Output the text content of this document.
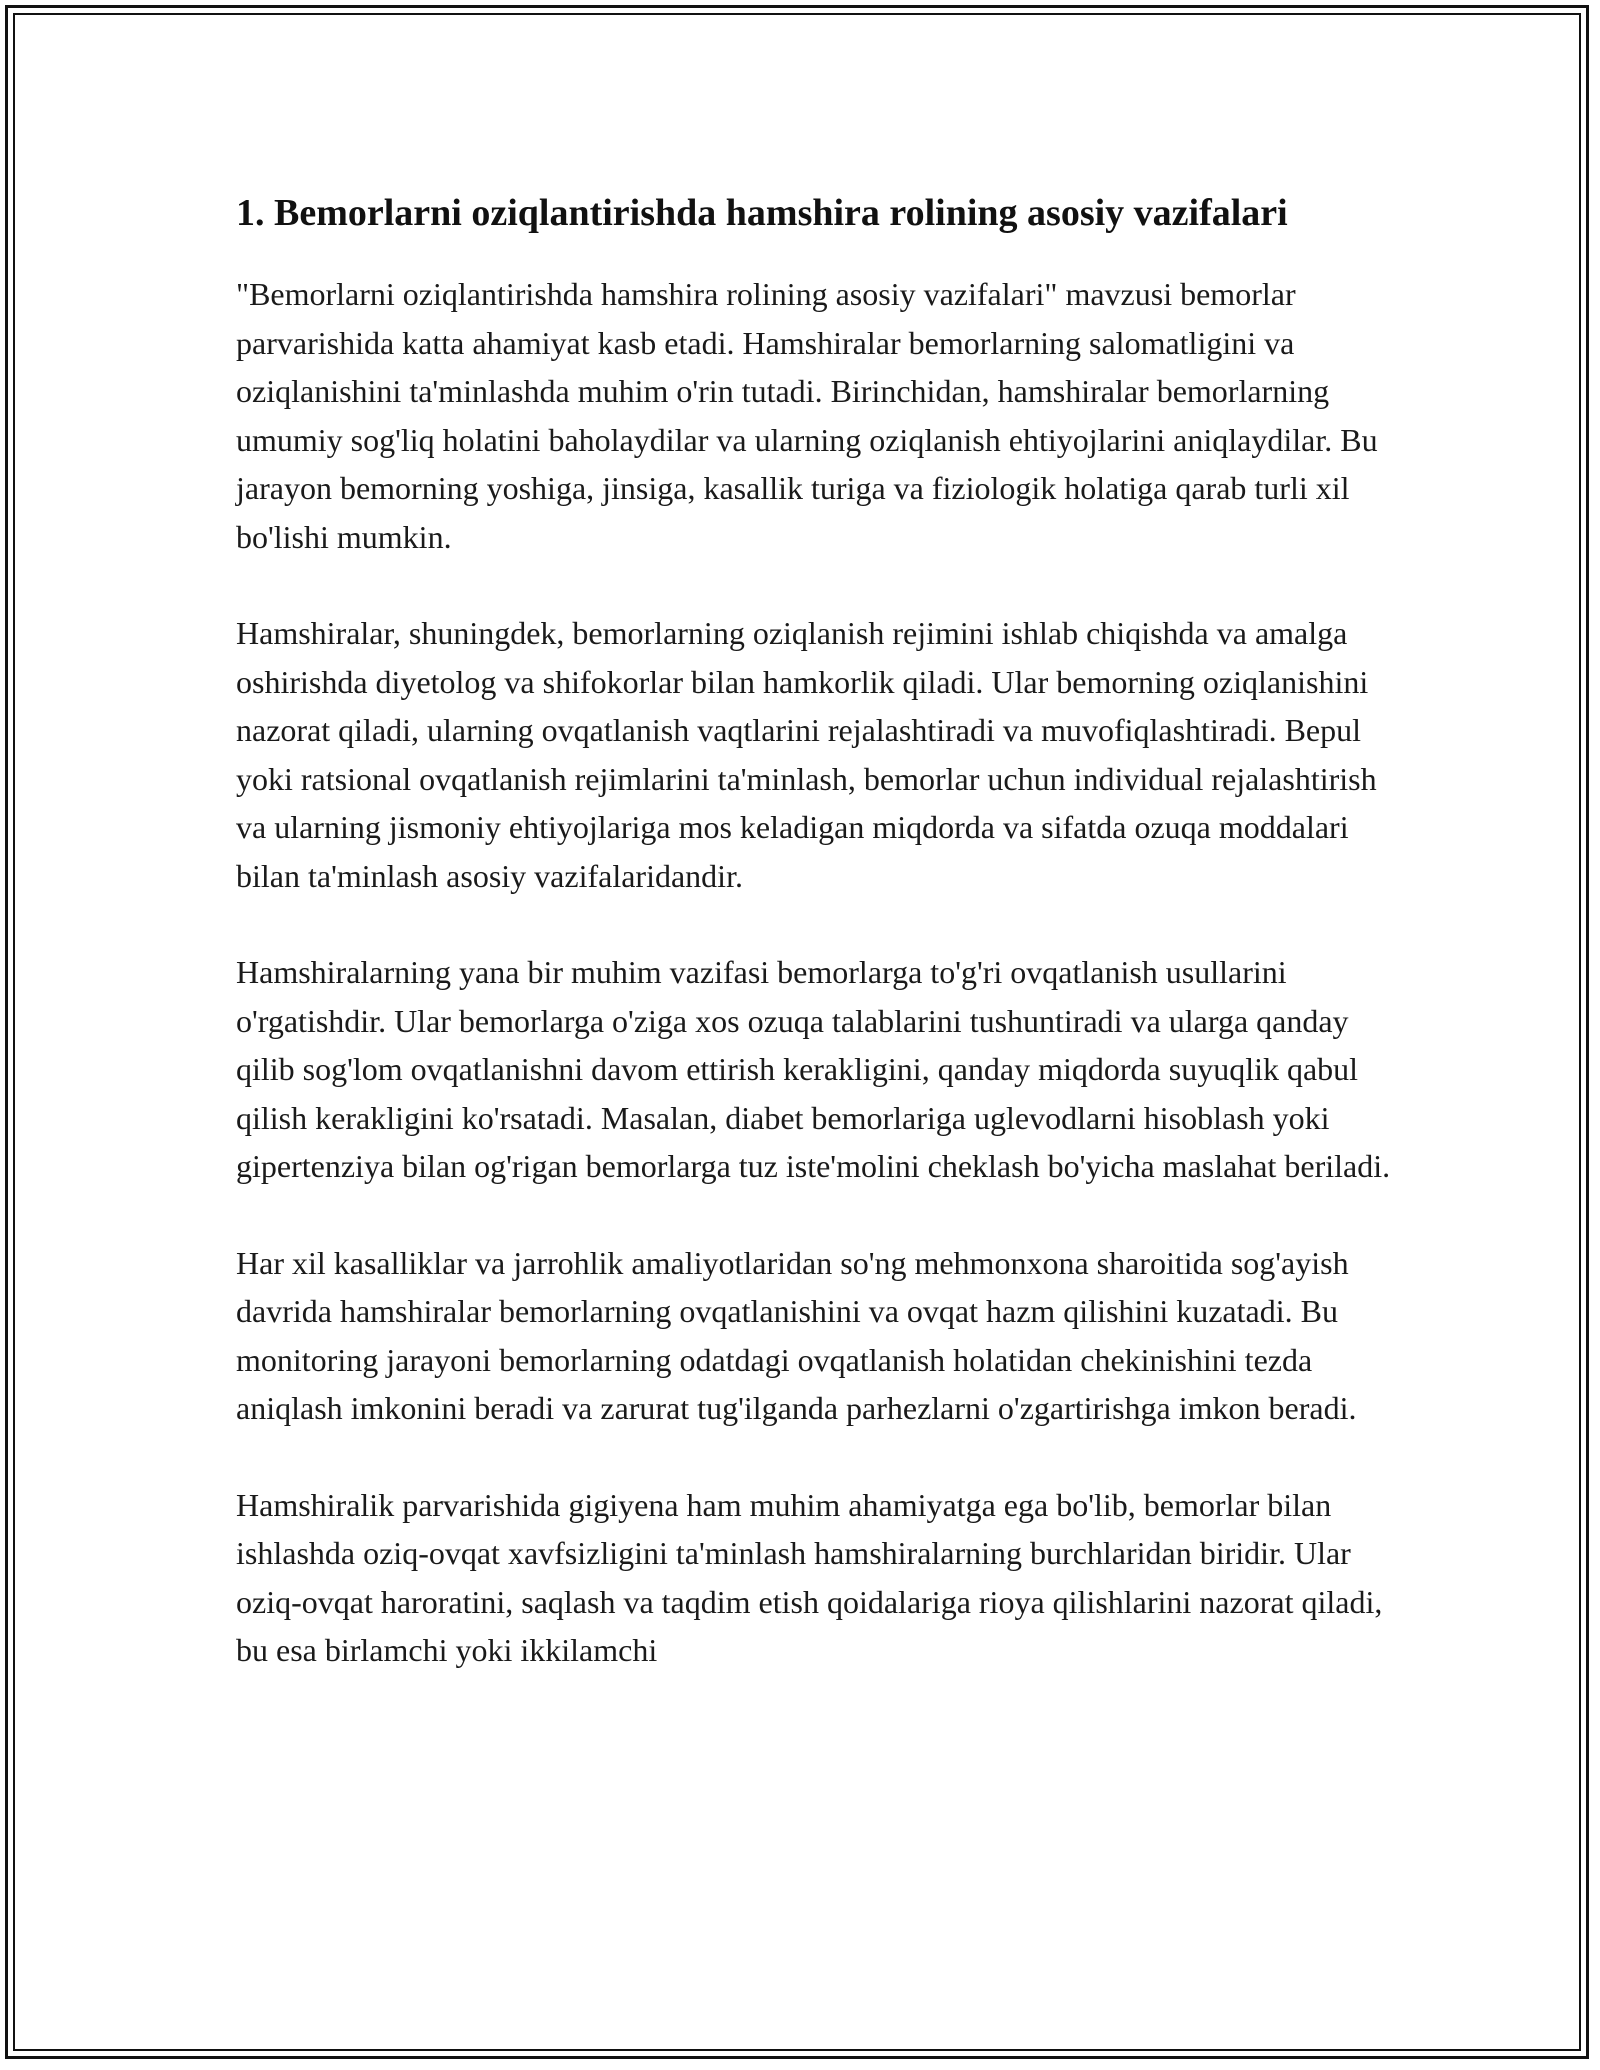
1. Bemorlarni oziqlantirishda hamshira rolining asosiy vazifalari

"Bemorlarni oziqlantirishda hamshira rolining asosiy vazifalari" mavzusi bemorlar parvarishida katta ahamiyat kasb etadi. Hamshiralar bemorlarning salomatligini va oziqlanishini ta'minlashda muhim o'rin tutadi. Birinchidan, hamshiralar bemorlarning umumiy sog'liq holatini baholaydilar va ularning oziqlanish ehtiyojlarini aniqlaydilar. Bu jarayon bemorning yoshiga, jinsiga, kasallik turiga va fiziologik holatiga qarab turli xil bo'lishi mumkin.

Hamshiralar, shuningdek, bemorlarning oziqlanish rejimini ishlab chiqishda va amalga oshirishda diyetolog va shifokorlar bilan hamkorlik qiladi. Ular bemorning oziqlanishini nazorat qiladi, ularning ovqatlanish vaqtlarini rejalashtiradi va muvofiqlashtiradi. Bepul yoki ratsional ovqatlanish rejimlarini ta'minlash, bemorlar uchun individual rejalashtirish va ularning jismoniy ehtiyojlariga mos keladigan miqdorda va sifatda ozuqa moddalari bilan ta'minlash asosiy vazifalaridandir.

Hamshiralarning yana bir muhim vazifasi bemorlarga to'g'ri ovqatlanish usullarini o'rgatishdir. Ular bemorlarga o'ziga xos ozuqa talablarini tushuntiradi va ularga qanday qilib sog'lom ovqatlanishni davom ettirish kerakligini, qanday miqdorda suyuqlik qabul qilish kerakligini ko'rsatadi. Masalan, diabet bemorlariga uglevodlarni hisoblash yoki gipertenziya bilan og'rigan bemorlarga tuz iste'molini cheklash bo'yicha maslahat beriladi.

Har xil kasalliklar va jarrohlik amaliyotlaridan so'ng mehmonxona sharoitida sog'ayish davrida hamshiralar bemorlarning ovqatlanishini va ovqat hazm qilishini kuzatadi. Bu monitoring jarayoni bemorlarning odatdagi ovqatlanish holatidan chekinishini tezda aniqlash imkonini beradi va zarurat tug'ilganda parhezlarni o'zgartirishga imkon beradi.

Hamshiralik parvarishida gigiyena ham muhim ahamiyatga ega bo'lib, bemorlar bilan ishlashda oziq-ovqat xavfsizligini ta'minlash hamshiralarning burchlaridan biridir. Ular oziq-ovqat haroratini, saqlash va taqdim etish qoidalariga rioya qilishlarini nazorat qiladi, bu esa birlamchi yoki ikkilamchi
